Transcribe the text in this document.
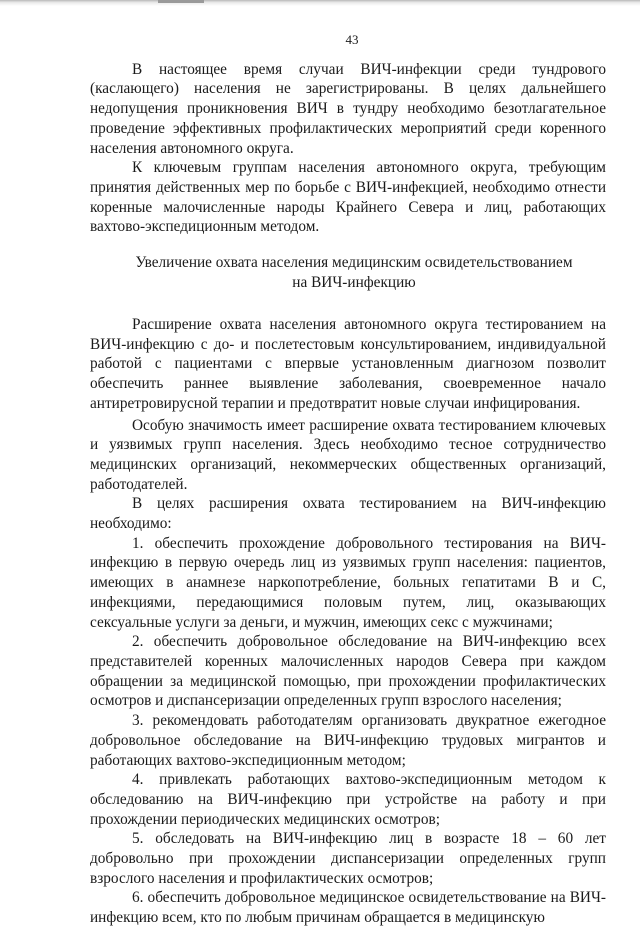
43

В настоящее время случаи ВИЧ-инфекции среди тундрового (каслающего) населения не зарегистрированы. В целях дальнейшего недопущения проникновения ВИЧ в тундру необходимо безотлагательное проведение эффективных профилактических мероприятий среди коренного населения автономного округа.

К ключевым группам населения автономного округа, требующим принятия действенных мер по борьбе с ВИЧ-инфекцией, необходимо отнести коренные малочисленные народы Крайнего Севера и лиц, работающих вахтово-экспедиционным методом.

Увеличение охвата населения медицинским освидетельствованием
на ВИЧ-инфекцию

Расширение охвата населения автономного округа тестированием на ВИЧ-инфекцию с до- и послетестовым консультированием, индивидуальной работой с пациентами с впервые установленным диагнозом позволит обеспечить раннее выявление заболевания, своевременное начало антиретровирусной терапии и предотвратит новые случаи инфицирования.

Особую значимость имеет расширение охвата тестированием ключевых и уязвимых групп населения. Здесь необходимо тесное сотрудничество медицинских организаций, некоммерческих общественных организаций, работодателей.

В целях расширения охвата тестированием на ВИЧ-инфекцию необходимо:

1. обеспечить прохождение добровольного тестирования на ВИЧ-инфекцию в первую очередь лиц из уязвимых групп населения: пациентов, имеющих в анамнезе наркопотребление, больных гепатитами В и С, инфекциями, передающимися половым путем, лиц, оказывающих сексуальные услуги за деньги, и мужчин, имеющих секс с мужчинами;

2. обеспечить добровольное обследование на ВИЧ-инфекцию всех представителей коренных малочисленных народов Севера при каждом обращении за медицинской помощью, при прохождении профилактических осмотров и диспансеризации определенных групп взрослого населения;

3. рекомендовать работодателям организовать двукратное ежегодное добровольное обследование на ВИЧ-инфекцию трудовых мигрантов и работающих вахтово-экспедиционным методом;

4. привлекать работающих вахтово-экспедиционным методом к обследованию на ВИЧ-инфекцию при устройстве на работу и при прохождении периодических медицинских осмотров;

5. обследовать на ВИЧ-инфекцию лиц в возрасте 18 – 60 лет добровольно при прохождении диспансеризации определенных групп взрослого населения и профилактических осмотров;

6. обеспечить добровольное медицинское освидетельствование на ВИЧ-инфекцию всем, кто по любым причинам обращается в медицинскую
